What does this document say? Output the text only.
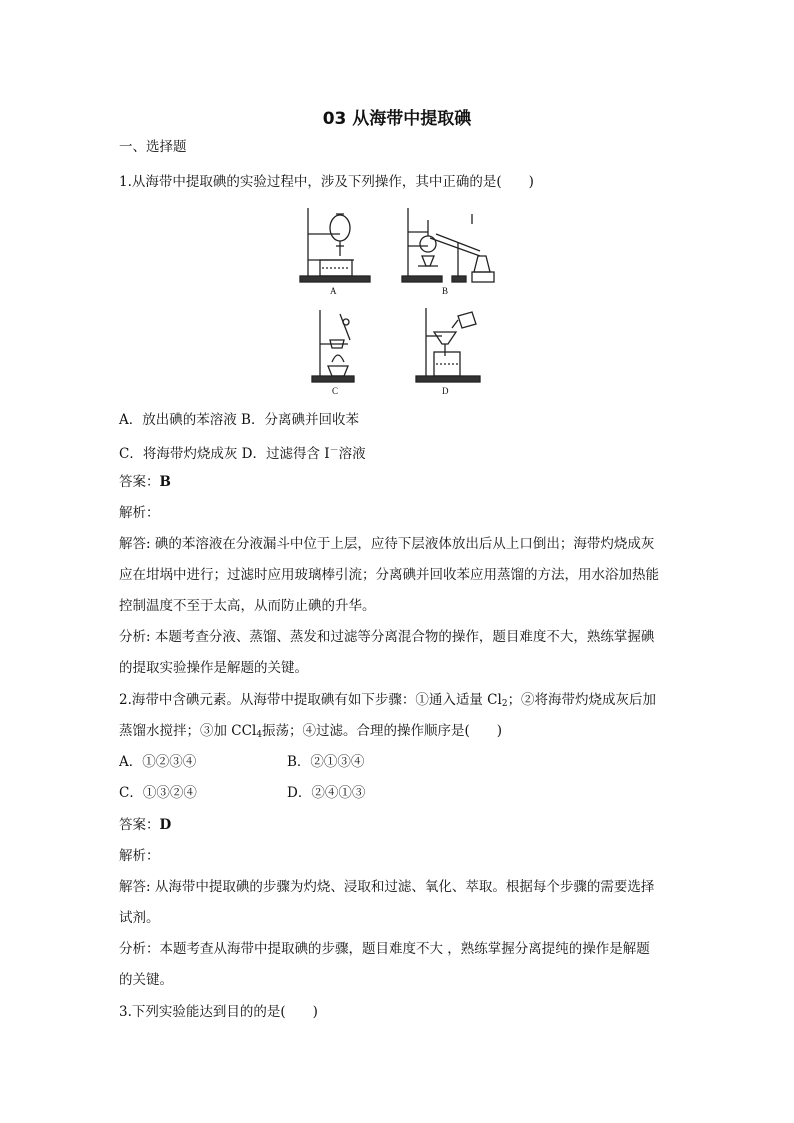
03 从海带中提取碘
一、选择题
1.从海带中提取碘的实验过程中，涉及下列操作，其中正确的是(　　)
A	B
C	D
A．放出碘的苯溶液 B．分离碘并回收苯
C．将海带灼烧成灰 D．过滤得含 I－溶液
答案：B
解析：
解答: 碘的苯溶液在分液漏斗中位于上层，应待下层液体放出后从上口倒出；海带灼烧成灰
应在坩埚中进行；过滤时应用玻璃棒引流；分离碘并回收苯应用蒸馏的方法，用水浴加热能
控制温度不至于太高，从而防止碘的升华。
分析: 本题考查分液、蒸馏、蒸发和过滤等分离混合物的操作，题目难度不大，熟练掌握碘
的提取实验操作是解题的关键。
2.海带中含碘元素。从海带中提取碘有如下步骤：①通入适量 $Cl_2$；②将海带灼烧成灰后加
蒸馏水搅拌；③加 CCl$_4$振荡；④过滤。合理的操作顺序是(　　)
A．①②③④	B．②①③④
C．①③②④	D．②④①③
答案：D
解析：
解答: 从海带中提取碘的步骤为灼烧、浸取和过滤、氧化、萃取。根据每个步骤的需要选择
试剂。
分析：本题考查从海带中提取碘的步骤，题目难度不大 ，熟练掌握分离提纯的操作是解题
的关键。
3.下列实验能达到目的的是(　　)
